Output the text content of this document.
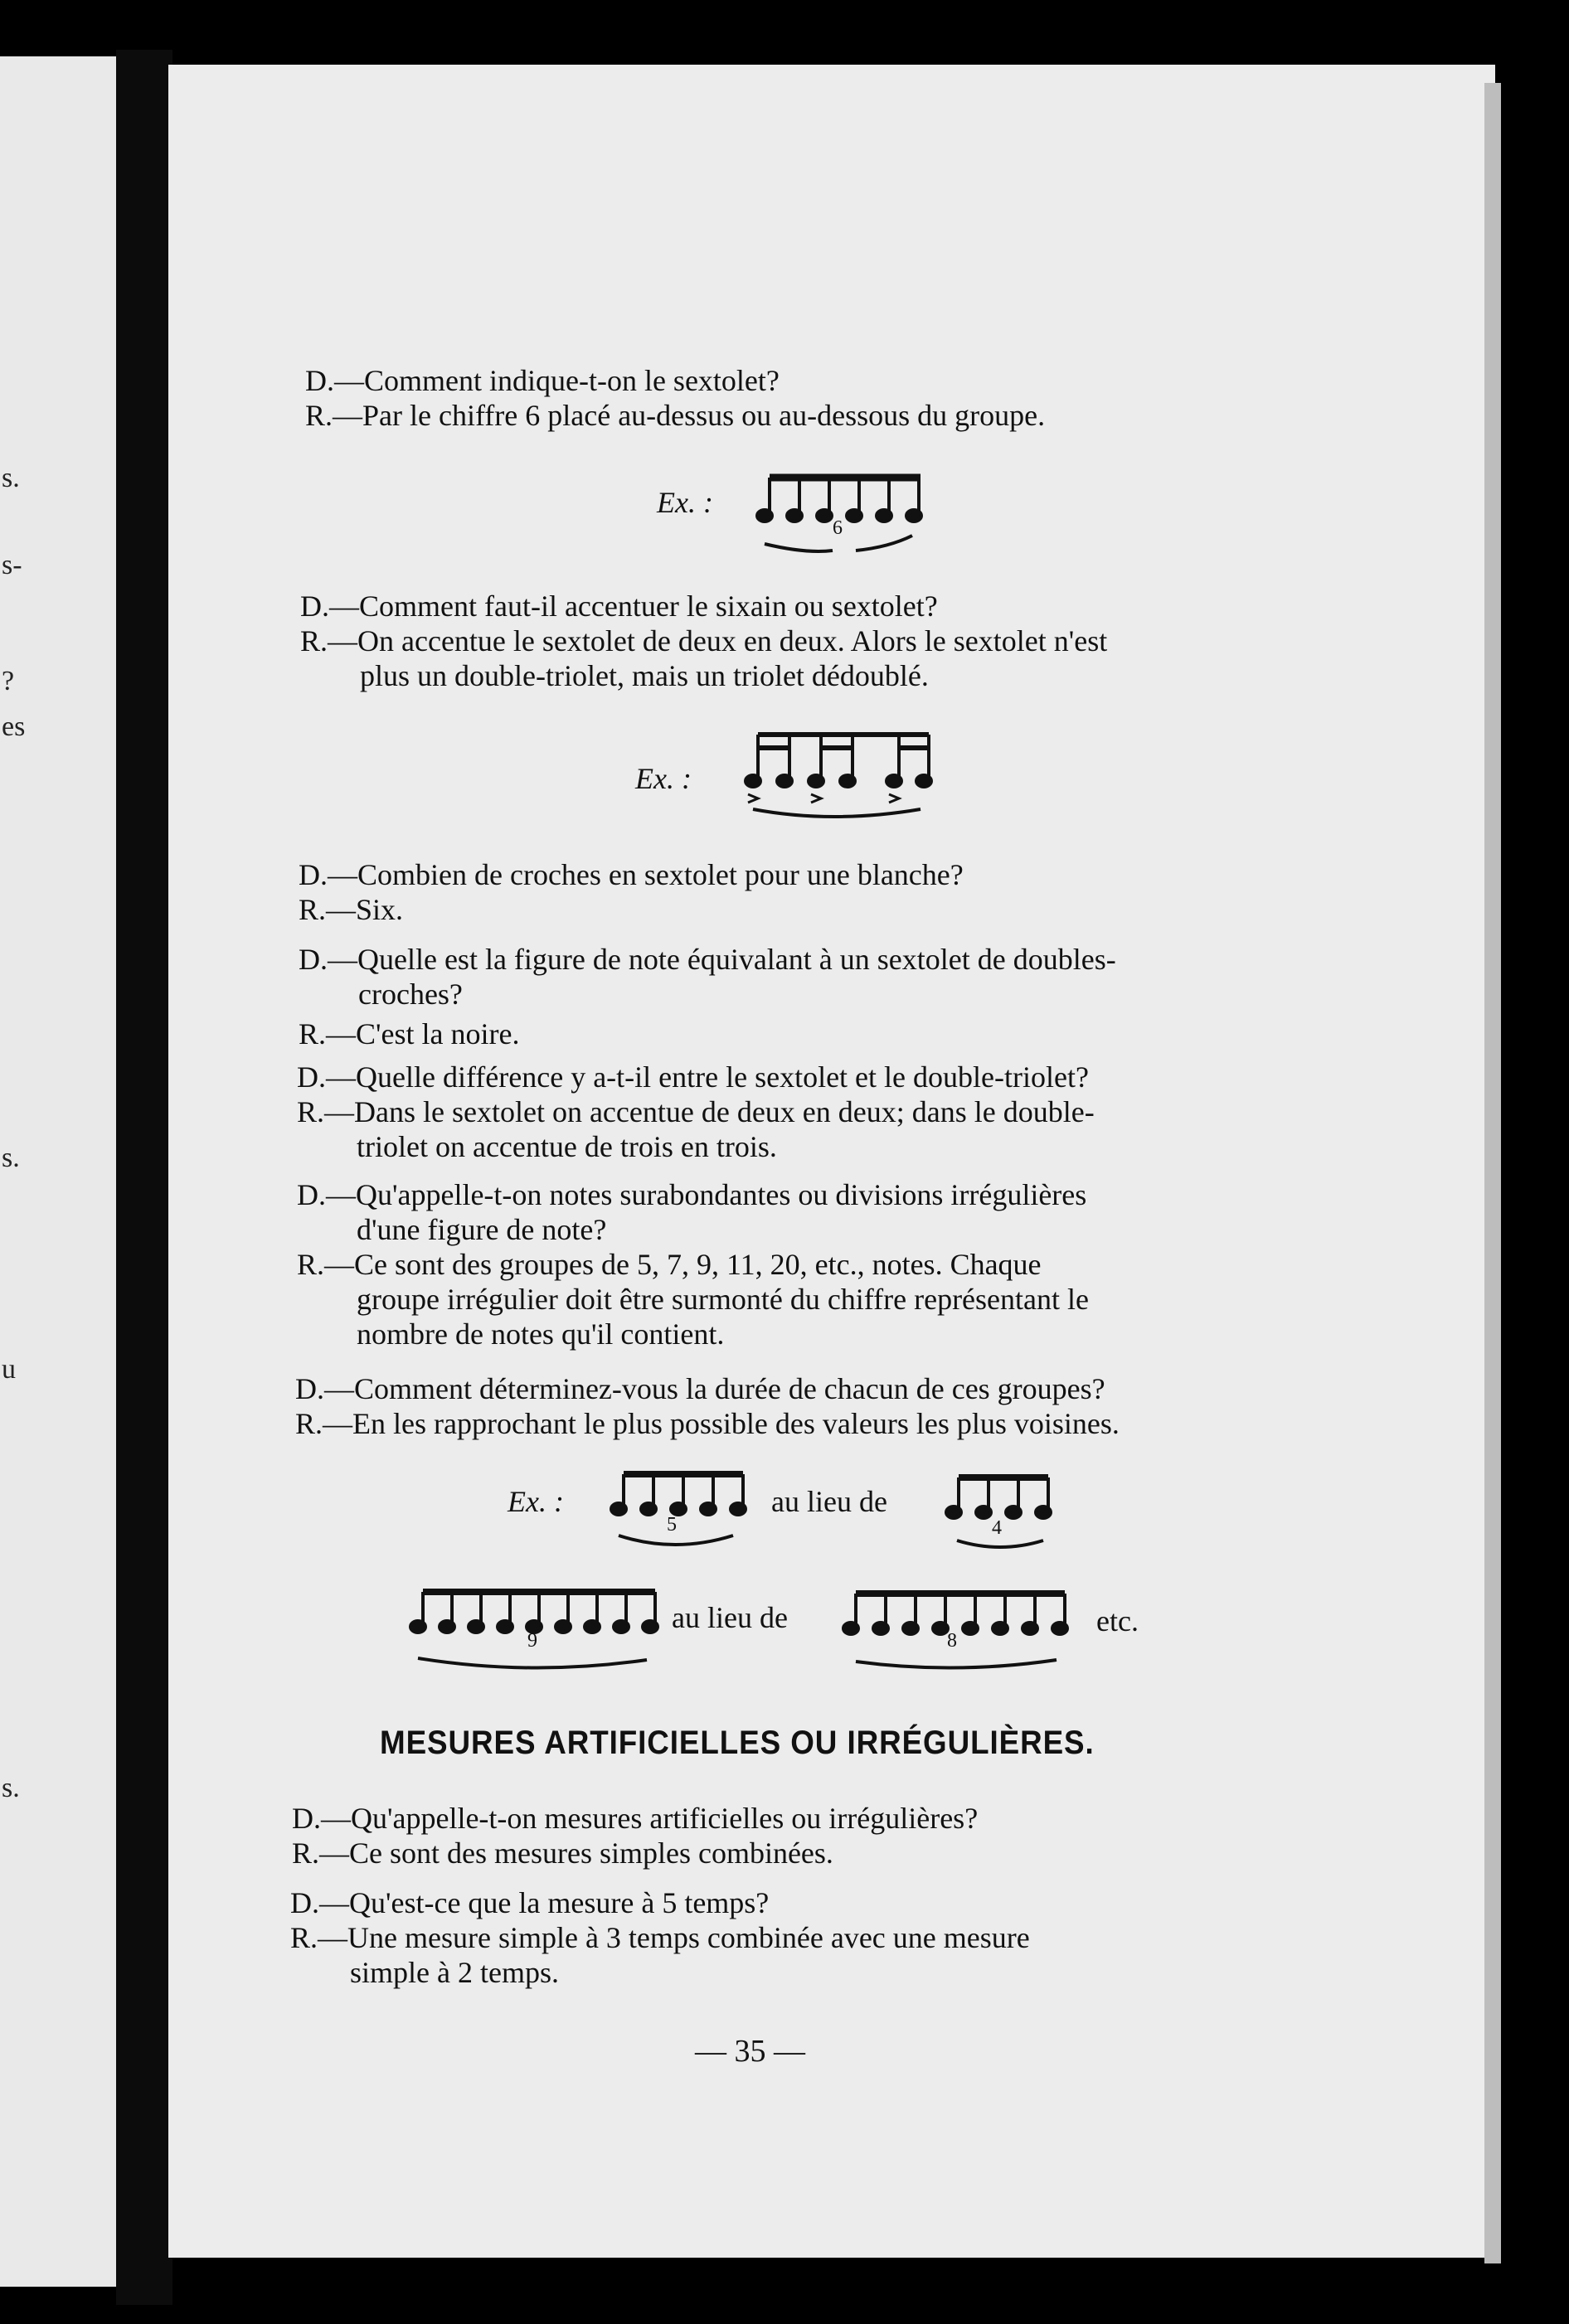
s.
s-
?
es
s.
u
s.
D.—Comment indique-t-on le sextolet?
R.—Par le chiffre 6 placé au-dessus ou au-dessous du groupe.
Ex. :
6
D.—Comment faut-il accentuer le sixain ou sextolet?
R.—On accentue le sextolet de deux en deux. Alors le sextolet n'est
plus un double-triolet, mais un triolet dédoublé.
Ex. :
D.—Combien de croches en sextolet pour une blanche?
R.—Six.
D.—Quelle est la figure de note équivalant à un sextolet de doubles-
croches?
R.—C'est la noire.
D.—Quelle différence y a-t-il entre le sextolet et le double-triolet?
R.—Dans le sextolet on accentue de deux en deux; dans le double-
triolet on accentue de trois en trois.
D.—Qu'appelle-t-on notes surabondantes ou divisions irrégulières
d'une figure de note?
R.—Ce sont des groupes de 5, 7, 9, 11, 20, etc., notes. Chaque
groupe irrégulier doit être surmonté du chiffre représentant le
nombre de notes qu'il contient.
D.—Comment déterminez-vous la durée de chacun de ces groupes?
R.—En les rapprochant le plus possible des valeurs les plus voisines.
Ex. :
5
au lieu de
4
9
au lieu de
8
etc.
MESURES ARTIFICIELLES OU IRRÉGULIÈRES.
D.—Qu'appelle-t-on mesures artificielles ou irrégulières?
R.—Ce sont des mesures simples combinées.
D.—Qu'est-ce que la mesure à 5 temps?
R.—Une mesure simple à 3 temps combinée avec une mesure
simple à 2 temps.
— 35 —
